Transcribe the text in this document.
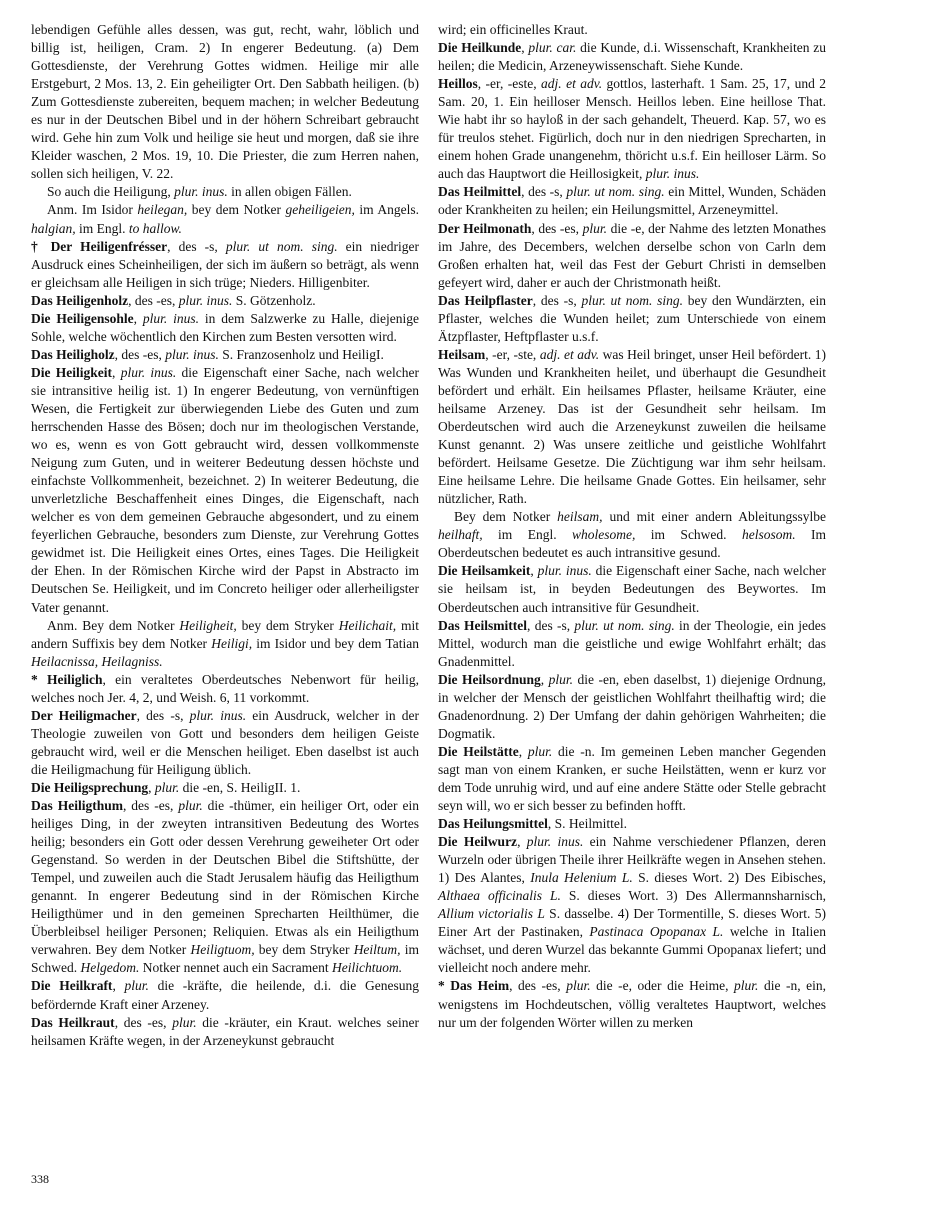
lebendigen Gefühle alles dessen, was gut, recht, wahr, löblich und billig ist, heiligen, Cram. 2) In engerer Bedeutung. (a) Dem Gottesdienste, der Verehrung Gottes widmen. Heilige mir alle Erstgeburt, 2 Mos. 13, 2. Ein geheiligter Ort. Den Sabbath heiligen. (b) Zum Gottesdienste zubereiten, bequem machen; in welcher Bedeutung es nur in der Deutschen Bibel und in der höhern Schreibart gebraucht wird. Gehe hin zum Volk und heilige sie heut und morgen, daß sie ihre Kleider waschen, 2 Mos. 19, 10. Die Priester, die zum Herren nahen, sollen sich heiligen, V. 22.

So auch die Heiligung, plur. inus. in allen obigen Fällen.

Anm. Im Isidor heilegan, bey dem Notker geheiligeien, im Angels. halgian, im Engl. to hallow.

† Der Heiligenfrésser, des -s, plur. ut nom. sing. ein niedriger Ausdruck eines Scheinheiligen, der sich im äußern so beträgt, als wenn er gleichsam alle Heiligen in sich trüge; Nieders. Hilligenbiter.

Das Heiligenholz, des -es, plur. inus. S. Götzenholz.

Die Heiligensohle, plur. inus. in dem Salzwerke zu Halle, diejenige Sohle, welche wöchentlich den Kirchen zum Besten versotten wird.

Das Heiligholz, des -es, plur. inus. S. Franzosenholz und HeiligI.

Die Heiligkeit, plur. inus. die Eigenschaft einer Sache, nach welcher sie intransitive heilig ist. 1) In engerer Bedeutung, von vernünftigen Wesen, die Fertigkeit zur überwiegenden Liebe des Guten und zum herrschenden Hasse des Bösen; doch nur im theologischen Verstande, wo es, wenn es von Gott gebraucht wird, dessen vollkommenste Neigung zum Guten, und in weiterer Bedeutung dessen höchste und einfachste Vollkommenheit, bezeichnet. 2) In weiterer Bedeutung, die unverletzliche Beschaffenheit eines Dinges, die Eigenschaft, nach welcher es von dem gemeinen Gebrauche abgesondert, und zu einem feyerlichen Gebrauche, besonders zum Dienste, zur Verehrung Gottes gewidmet ist. Die Heiligkeit eines Ortes, eines Tages. Die Heiligkeit der Ehen. In der Römischen Kirche wird der Papst in Abstracto im Deutschen Se. Heiligkeit, und im Concreto heiliger oder allerheiligster Vater genannt.

Anm. Bey dem Notker Heiligheit, bey dem Stryker Heilichait, mit andern Suffixis bey dem Notker Heiligi, im Isidor und bey dem Tatian Heilacnissa, Heilagniss.

* Heiliglich, ein veraltetes Oberdeutsches Nebenwort für heilig, welches noch Jer. 4, 2, und Weish. 6, 11 vorkommt.

Der Heiligmacher, des -s, plur. inus. ein Ausdruck, welcher in der Theologie zuweilen von Gott und besonders dem heiligen Geiste gebraucht wird, weil er die Menschen heiliget. Eben daselbst ist auch die Heiligmachung für Heiligung üblich.

Die Heiligsprechung, plur. die -en, S. HeiligII. 1.

Das Heiligthum, des -es, plur. die -thümer, ein heiliger Ort, oder ein heiliges Ding, in der zweyten intransitiven Bedeutung des Wortes heilig; besonders ein Gott oder dessen Verehrung geweiheter Ort oder Gegenstand. So werden in der Deutschen Bibel die Stiftshütte, der Tempel, und zuweilen auch die Stadt Jerusalem häufig das Heiligthum genannt. In engerer Bedeutung sind in der Römischen Kirche Heiligthümer und in den gemeinen Sprecharten Heilthümer, die Überbleibsel heiliger Personen; Reliquien. Etwas als ein Heiligthum verwahren. Bey dem Notker Heiligtuom, bey dem Stryker Heiltum, im Schwed. Helgedom. Notker nennet auch ein Sacrament Heilichtuom.

Die Heilkraft, plur. die -kräfte, die heilende, d.i. die Genesung befördernde Kraft einer Arzeney.

Das Heilkraut, des -es, plur. die -kräuter, ein Kraut. welches seiner heilsamen Kräfte wegen, in der Arzeneykunst gebraucht

wird; ein officinelles Kraut.

Die Heilkunde, plur. car. die Kunde, d.i. Wissenschaft, Krankheiten zu heilen; die Medicin, Arzeneywissenschaft. Siehe Kunde.

Heillos, -er, -este, adj. et adv. gottlos, lasterhaft. 1 Sam. 25, 17, und 2 Sam. 20, 1. Ein heilloser Mensch. Heillos leben. Eine heillose That. Wie habt ihr so hayloß in der sach gehandelt, Theuerd. Kap. 57, wo es für treulos stehet. Figürlich, doch nur in den niedrigen Sprecharten, in einem hohen Grade unangenehm, thöricht u.s.f. Ein heilloser Lärm. So auch das Hauptwort die Heillosigkeit, plur. inus.

Das Heilmittel, des -s, plur. ut nom. sing. ein Mittel, Wunden, Schäden oder Krankheiten zu heilen; ein Heilungsmittel, Arzeneymittel.

Der Heilmonath, des -es, plur. die -e, der Nahme des letzten Monathes im Jahre, des Decembers, welchen derselbe schon von Carln dem Großen erhalten hat, weil das Fest der Geburt Christi in demselben gefeyert wird, daher er auch der Christmonath heißt.

Das Heilpflaster, des -s, plur. ut nom. sing. bey den Wundärzten, ein Pflaster, welches die Wunden heilet; zum Unterschiede von einem Ätzpflaster, Heftpflaster u.s.f.

Heilsam, -er, -ste, adj. et adv. was Heil bringet, unser Heil befördert. 1) Was Wunden und Krankheiten heilet, und überhaupt die Gesundheit befördert und erhält. Ein heilsames Pflaster, heilsame Kräuter, eine heilsame Arzeney. Das ist der Gesundheit sehr heilsam. Im Oberdeutschen wird auch die Arzeneykunst zuweilen die heilsame Kunst genannt. 2) Was unsere zeitliche und geistliche Wohlfahrt befördert. Heilsame Gesetze. Die Züchtigung war ihm sehr heilsam. Eine heilsame Lehre. Die heilsame Gnade Gottes. Ein heilsamer, sehr nützlicher, Rath.

Bey dem Notker heilsam, und mit einer andern Ableitungssylbe heilhaft, im Engl. wholesome, im Schwed. helsosom. Im Oberdeutschen bedeutet es auch intransitive gesund.

Die Heilsamkeit, plur. inus. die Eigenschaft einer Sache, nach welcher sie heilsam ist, in beyden Bedeutungen des Beywortes. Im Oberdeutschen auch intransitive für Gesundheit.

Das Heilsmittel, des -s, plur. ut nom. sing. in der Theologie, ein jedes Mittel, wodurch man die geistliche und ewige Wohlfahrt erhält; das Gnadenmittel.

Die Heilsordnung, plur. die -en, eben daselbst, 1) diejenige Ordnung, in welcher der Mensch der geistlichen Wohlfahrt theilhaftig wird; die Gnadenordnung. 2) Der Umfang der dahin gehörigen Wahrheiten; die Dogmatik.

Die Heilstätte, plur. die -n. Im gemeinen Leben mancher Gegenden sagt man von einem Kranken, er suche Heilstätten, wenn er kurz vor dem Tode unruhig wird, und auf eine andere Stätte oder Stelle gebracht seyn will, wo er sich besser zu befinden hofft.

Das Heilungsmittel, S. Heilmittel.

Die Heilwurz, plur. inus. ein Nahme verschiedener Pflanzen, deren Wurzeln oder übrigen Theile ihrer Heilkräfte wegen in Ansehen stehen. 1) Des Alantes, Inula Helenium L. S. dieses Wort. 2) Des Eibisches, Althaea officinalis L. S. dieses Wort. 3) Des Allermannsharnisch, Allium victorialis L S. dasselbe. 4) Der Tormentille, S. dieses Wort. 5) Einer Art der Pastinaken, Pastinaca Opopanax L. welche in Italien wächset, und deren Wurzel das bekannte Gummi Opopanax liefert; und vielleicht noch andere mehr.

* Das Heim, des -es, plur. die -e, oder die Heime, plur. die -n, ein, wenigstens im Hochdeutschen, völlig veraltetes Hauptwort, welches nur um der folgenden Wörter willen zu merken

338
